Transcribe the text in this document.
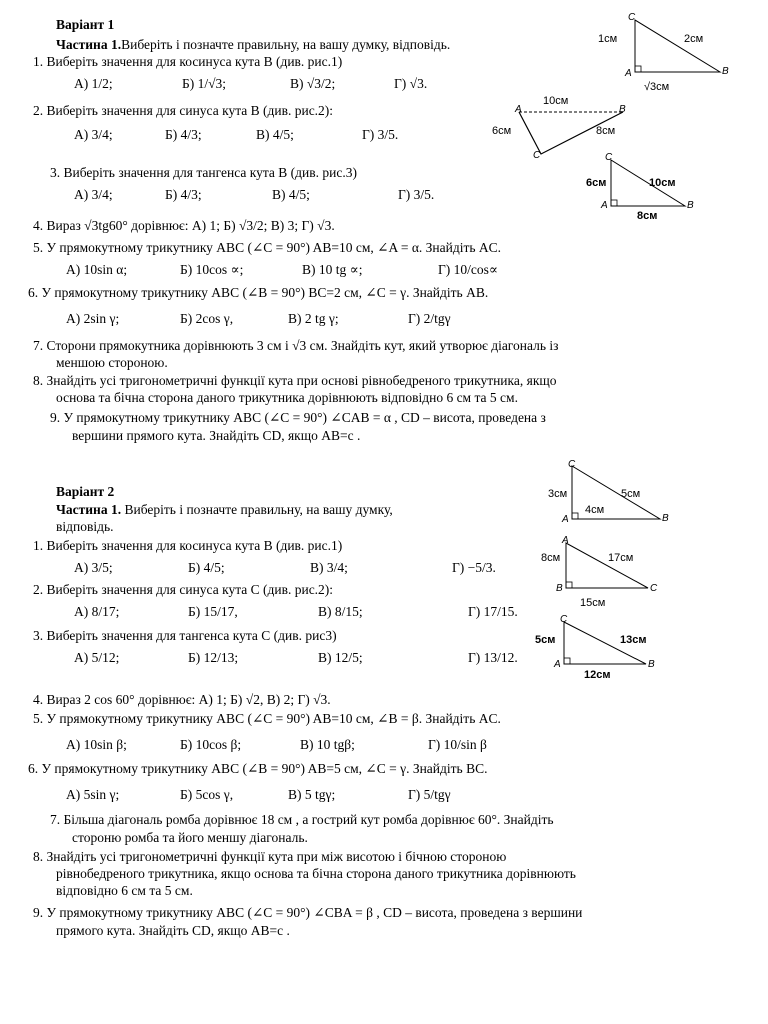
Варіант 1
Частина 1.Виберіть і позначте правильну, на вашу думку, відповідь.
1. Виберіть значення для косинуса кута B (див. рис.1)
А) 1/2;	Б) 1/√3;	В) √3/2;	Г) √3.
2. Виберіть значення для синуса кута B (див. рис.2):
А) 3/4;	Б) 4/3;	В) 4/5;	Г) 3/5.
3. Виберіть значення для тангенса кута B (див. рис.3)
А) 3/4;	Б) 4/3;	В) 4/5;	Г) 3/5.
4. Вираз √3tg60° дорівнює: А) 1; Б) √3/2; В) 3; Г) √3.
5. У прямокутному трикутнику ABC (∠C = 90°) AB=10 см, ∠A = α. Знайдіть AC.
А) 10sin α;	Б) 10cos ∝;	В) 10 tg ∝;	Г) 10/cos∝
6. У прямокутному трикутнику ABC (∠B = 90°) BC=2 см, ∠C = γ. Знайдіть AB.
А) 2sin γ;	Б) 2cos γ,	В) 2 tg γ;	Г) 2/tgγ
7. Сторони прямокутника дорівнюють 3 см і √3 см. Знайдіть кут, який утворює діагональ із
меншою стороною.
8. Знайдіть усі тригонометричні функції кута при основі рівнобедреного трикутника, якщо
основа та бічна сторона даного трикутника дорівнюють відповідно 6 см та 5 см.
9. У прямокутному трикутнику ABC (∠C = 90°) ∠CAB = α , CD – висота, проведена з
вершини прямого кута. Знайдіть CD, якщо AB=c .
C
A	B
1см	2см
√3см
A	B
C
10см
6см	8см
C
A	B
6см	10см
8см
Варіант 2
Частина 1. Виберіть і позначте правильну, на вашу думку,
відповідь.
1. Виберіть значення для косинуса кута B (див. рис.1)
А) 3/5;	Б) 4/5;	В) 3/4;	Г) −5/3.
2. Виберіть значення для синуса кута C (див. рис.2):
А) 8/17;	Б) 15/17,	В) 8/15;	Г) 17/15.
3. Виберіть значення для тангенса кута C (див. рис3)
А) 5/12;	Б) 12/13;	В) 12/5;	Г) 13/12.
4. Вираз 2 cos 60° дорівнює: А) 1; Б) √2, В) 2; Г) √3.
5. У прямокутному трикутнику ABC (∠C = 90°) AB=10 см, ∠B = β. Знайдіть AC.
А) 10sin β;	Б) 10cos β;	В) 10 tgβ;	Г) 10/sin β
6. У прямокутному трикутнику ABC (∠B = 90°) AB=5 см, ∠C = γ. Знайдіть BC.
А) 5sin γ;	Б) 5cos γ,	В) 5 tgγ;	Г) 5/tgγ
7. Більша діагональ ромба дорівнює 18 см , а гострий кут ромба дорівнює 60°. Знайдіть
стороню ромба та його меншу діагональ.
8. Знайдіть усі тригонометричні функції кута при між висотою і бічною стороною
рівнобедреного трикутника, якщо основа та бічна сторона даного трикутника дорівнюють
відповідно 6 см та 5 см.
9. У прямокутному трикутнику ABC (∠C = 90°) ∠CBA = β , CD – висота, проведена з вершини
прямого кута. Знайдіть CD, якщо AB=c .
C
A	B
3см	5см
4см
A
B	C
8см	17см
15см
C
A	B
5см	13см
12см
